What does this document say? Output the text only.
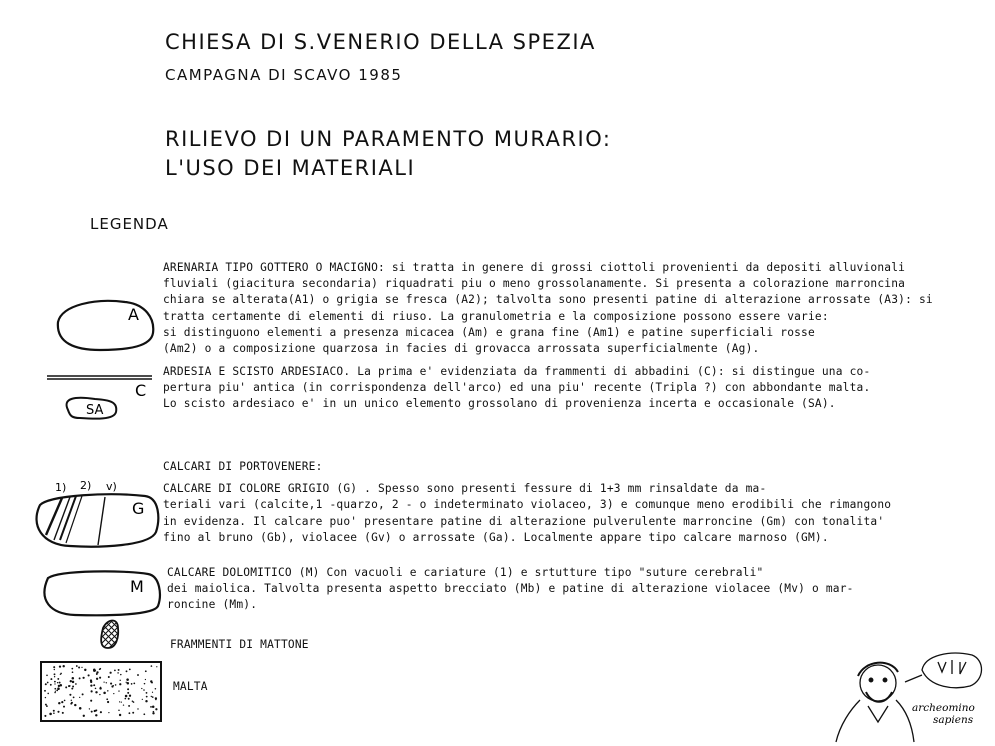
CHIESA DI S.VENERIO DELLA SPEZIA
CAMPAGNA DI SCAVO 1985
RILIEVO DI UN PARAMENTO MURARIO:
L'USO DEI MATERIALI
LEGENDA
A
C
SA
1) 2) v)
G
M
archeomino
sapiens
ARENARIA TIPO GOTTERO O MACIGNO: si tratta in genere di grossi ciottoli provenienti da depositi alluvionali
fluviali (giacitura secondaria) riquadrati piu o meno grossolanamente. Si presenta a colorazione marroncina
chiara se alterata(A1) o grigia se fresca (A2); talvolta sono presenti patine di alterazione arrossate (A3): si
tratta certamente di elementi di riuso. La granulometria e la composizione possono essere varie:
si distinguono elementi a presenza micacea (Am) e grana fine (Am1) e patine superficiali rosse
(Am2) o a composizione quarzosa in facies di grovacca arrossata superficialmente (Ag).
ARDESIA E SCISTO ARDESIACO. La prima e' evidenziata da frammenti di abbadini (C): si distingue una co-
pertura piu' antica (in corrispondenza dell'arco) ed una piu' recente (Tripla ?) con abbondante malta.
Lo scisto ardesiaco e' in un unico elemento grossolano di provenienza incerta e occasionale (SA).
CALCARI DI PORTOVENERE:
CALCARE DI COLORE GRIGIO (G) . Spesso sono presenti fessure di 1+3 mm rinsaldate da ma-
teriali vari (calcite,1 -quarzo, 2 - o indeterminato violaceo, 3) e comunque meno erodibili che rimangono
in evidenza. Il calcare puo' presentare patine di alterazione pulverulente marroncine (Gm) con tonalita'
fino al bruno (Gb), violacee (Gv) o arrossate (Ga). Localmente appare tipo calcare marnoso (GM).
CALCARE DOLOMITICO (M) Con vacuoli e cariature (1) e srtutture tipo "suture cerebrali"
dei maiolica. Talvolta presenta aspetto brecciato (Mb) e patine di alterazione violacee (Mv) o mar-
roncine (Mm).
FRAMMENTI DI MATTONE
MALTA
